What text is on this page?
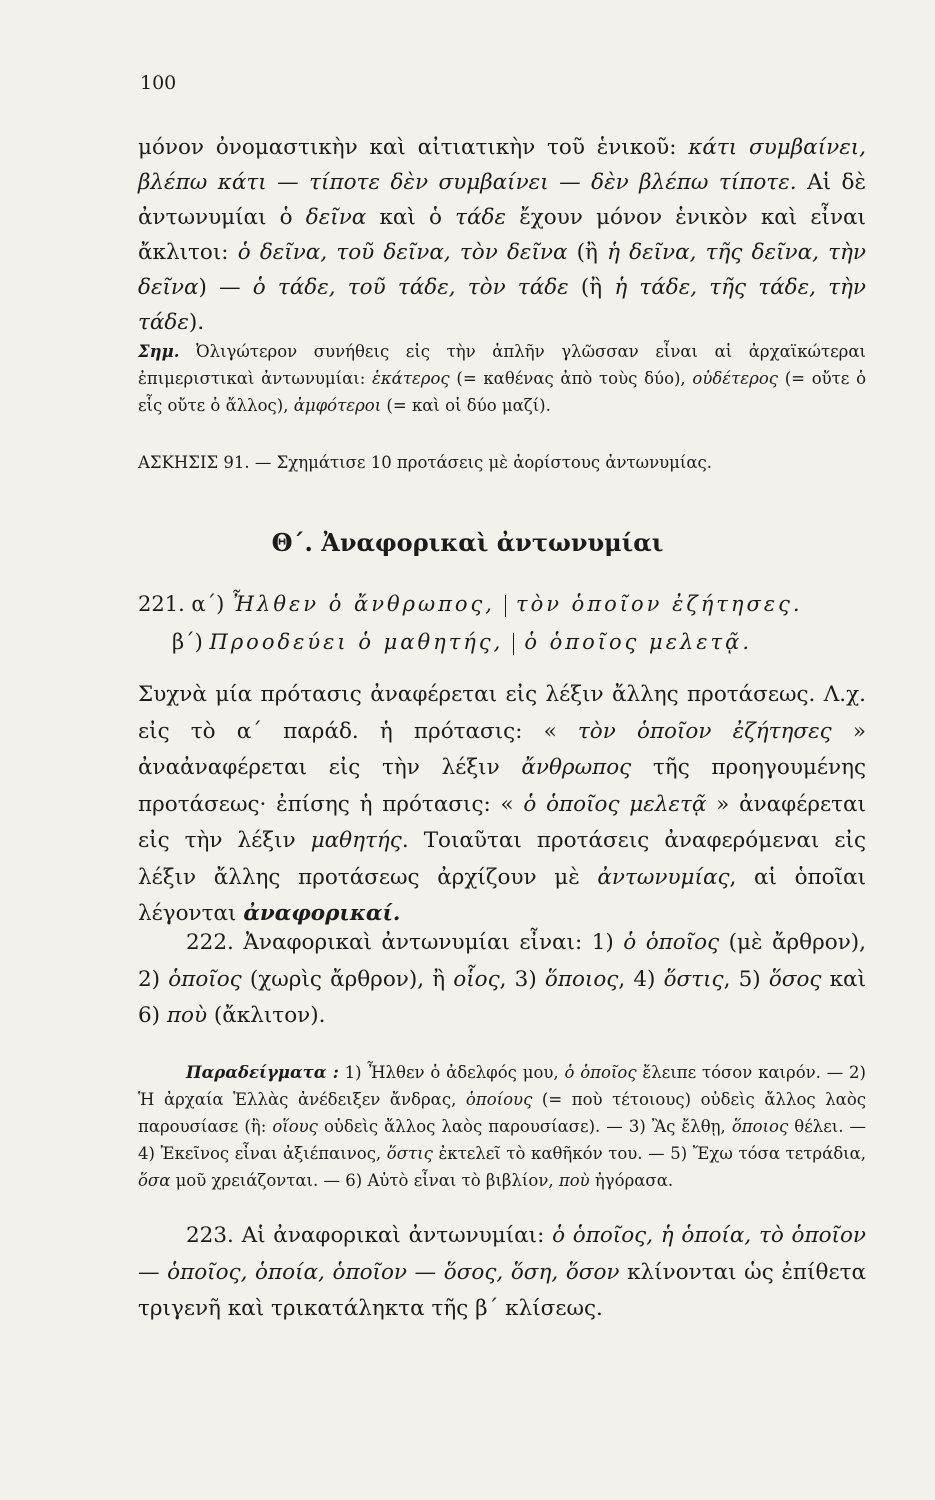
100

μόνον ὀνομαστικὴν καὶ αἰτιατικὴν τοῦ ἑνικοῦ: κάτι συμβαίνει, βλέπω κάτι — τίποτε δὲν συμβαίνει — δὲν βλέπω τίποτε. Αἱ δὲ ἀντωνυμίαι ὁ δεῖνα καὶ ὁ τάδε ἔχουν μόνον ἑνικὸν καὶ εἶναι ἄκλιτοι: ὁ δεῖνα, τοῦ δεῖνα, τὸν δεῖνα (ἢ ἡ δεῖνα, τῆς δεῖνα, τὴν δεῖνα) — ὁ τάδε, τοῦ τάδε, τὸν τάδε (ἢ ἡ τάδε, τῆς τάδε, τὴν τάδε).

Σημ. Ὀλιγώτερον συνήθεις εἰς τὴν ἁπλῆν γλῶσσαν εἶναι αἱ ἀρχαϊκώτεραι ἐπιμεριστικαὶ ἀντωνυμίαι: ἑκάτερος (= καθένας ἀπὸ τοὺς δύο), οὐδέτερος (= οὔτε ὁ εἷς οὔτε ὁ ἄλλος), ἀμφότεροι (= καὶ οἱ δύο μαζί).

ΑΣΚΗΣΙΣ 91. — Σχημάτισε 10 προτάσεις μὲ ἀορίστους ἀντωνυμίας.
Θ΄. Ἀναφορικαὶ ἀντωνυμίαι
221. α΄) Ἦλθεν ὁ ἄνθρωπος, τὸν ὁποῖον ἐζήτησες.
β΄) Προοδεύει ὁ μαθητής, ὁ ὁποῖος μελετᾷ.

Συχνὰ μία πρότασις ἀναφέρεται εἰς λέξιν ἄλλης προτάσεως. Λ.χ. εἰς τὸ α΄ παράδ. ἡ πρότασις: « τὸν ὁποῖον ἐζήτησες » ἀναἀναφέρεται εἰς τὴν λέξιν ἄνθρωπος τῆς προηγουμένης προτάσεως· ἐπίσης ἡ πρότασις: « ὁ ὁποῖος μελετᾷ » ἀναφέρεται εἰς τὴν λέξιν μαθητής. Τοιαῦται προτάσεις ἀναφερόμεναι εἰς λέξιν ἄλλης προτάσεως ἀρχίζουν μὲ ἀντωνυμίας, αἱ ὁποῖαι λέγονται ἀναφορικαί.

222. Ἀναφορικαὶ ἀντωνυμίαι εἶναι: 1) ὁ ὁποῖος (μὲ ἄρθρον), 2) ὁποῖος (χωρὶς ἄρθρον), ἢ οἷος, 3) ὅποιος, 4) ὅστις, 5) ὅσος καὶ 6) ποὺ (ἄκλιτον).

Παραδείγματα : 1) Ἦλθεν ὁ ἀδελφός μου, ὁ ὁποῖος ἔλειπε τόσον καιρόν. — 2) Ἡ ἀρχαία Ἑλλὰς ἀνέδειξεν ἄνδρας, ὁποίους (= ποὺ τέτοιους) οὐδεὶς ἄλλος λαὸς παρουσίασε (ἢ: οἵους οὐδεὶς ἄλλος λαὸς παρουσίασε). — 3) Ἂς ἔλθῃ, ὅποιος θέλει. — 4) Ἐκεῖνος εἶναι ἀξιέπαινος, ὅστις ἐκτελεῖ τὸ καθῆκόν του. — 5) Ἔχω τόσα τετράδια, ὅσα μοῦ χρειάζονται. — 6) Αὐτὸ εἶναι τὸ βιβλίον, ποὺ ἠγόρασα.

223. Αἱ ἀναφορικαὶ ἀντωνυμίαι: ὁ ὁποῖος, ἡ ὁποία, τὸ ὁποῖον — ὁποῖος, ὁποία, ὁποῖον — ὅσος, ὅση, ὅσον κλίνονται ὡς ἐπίθετα τριγενῆ καὶ τρικατάληκτα τῆς β΄ κλίσεως.
